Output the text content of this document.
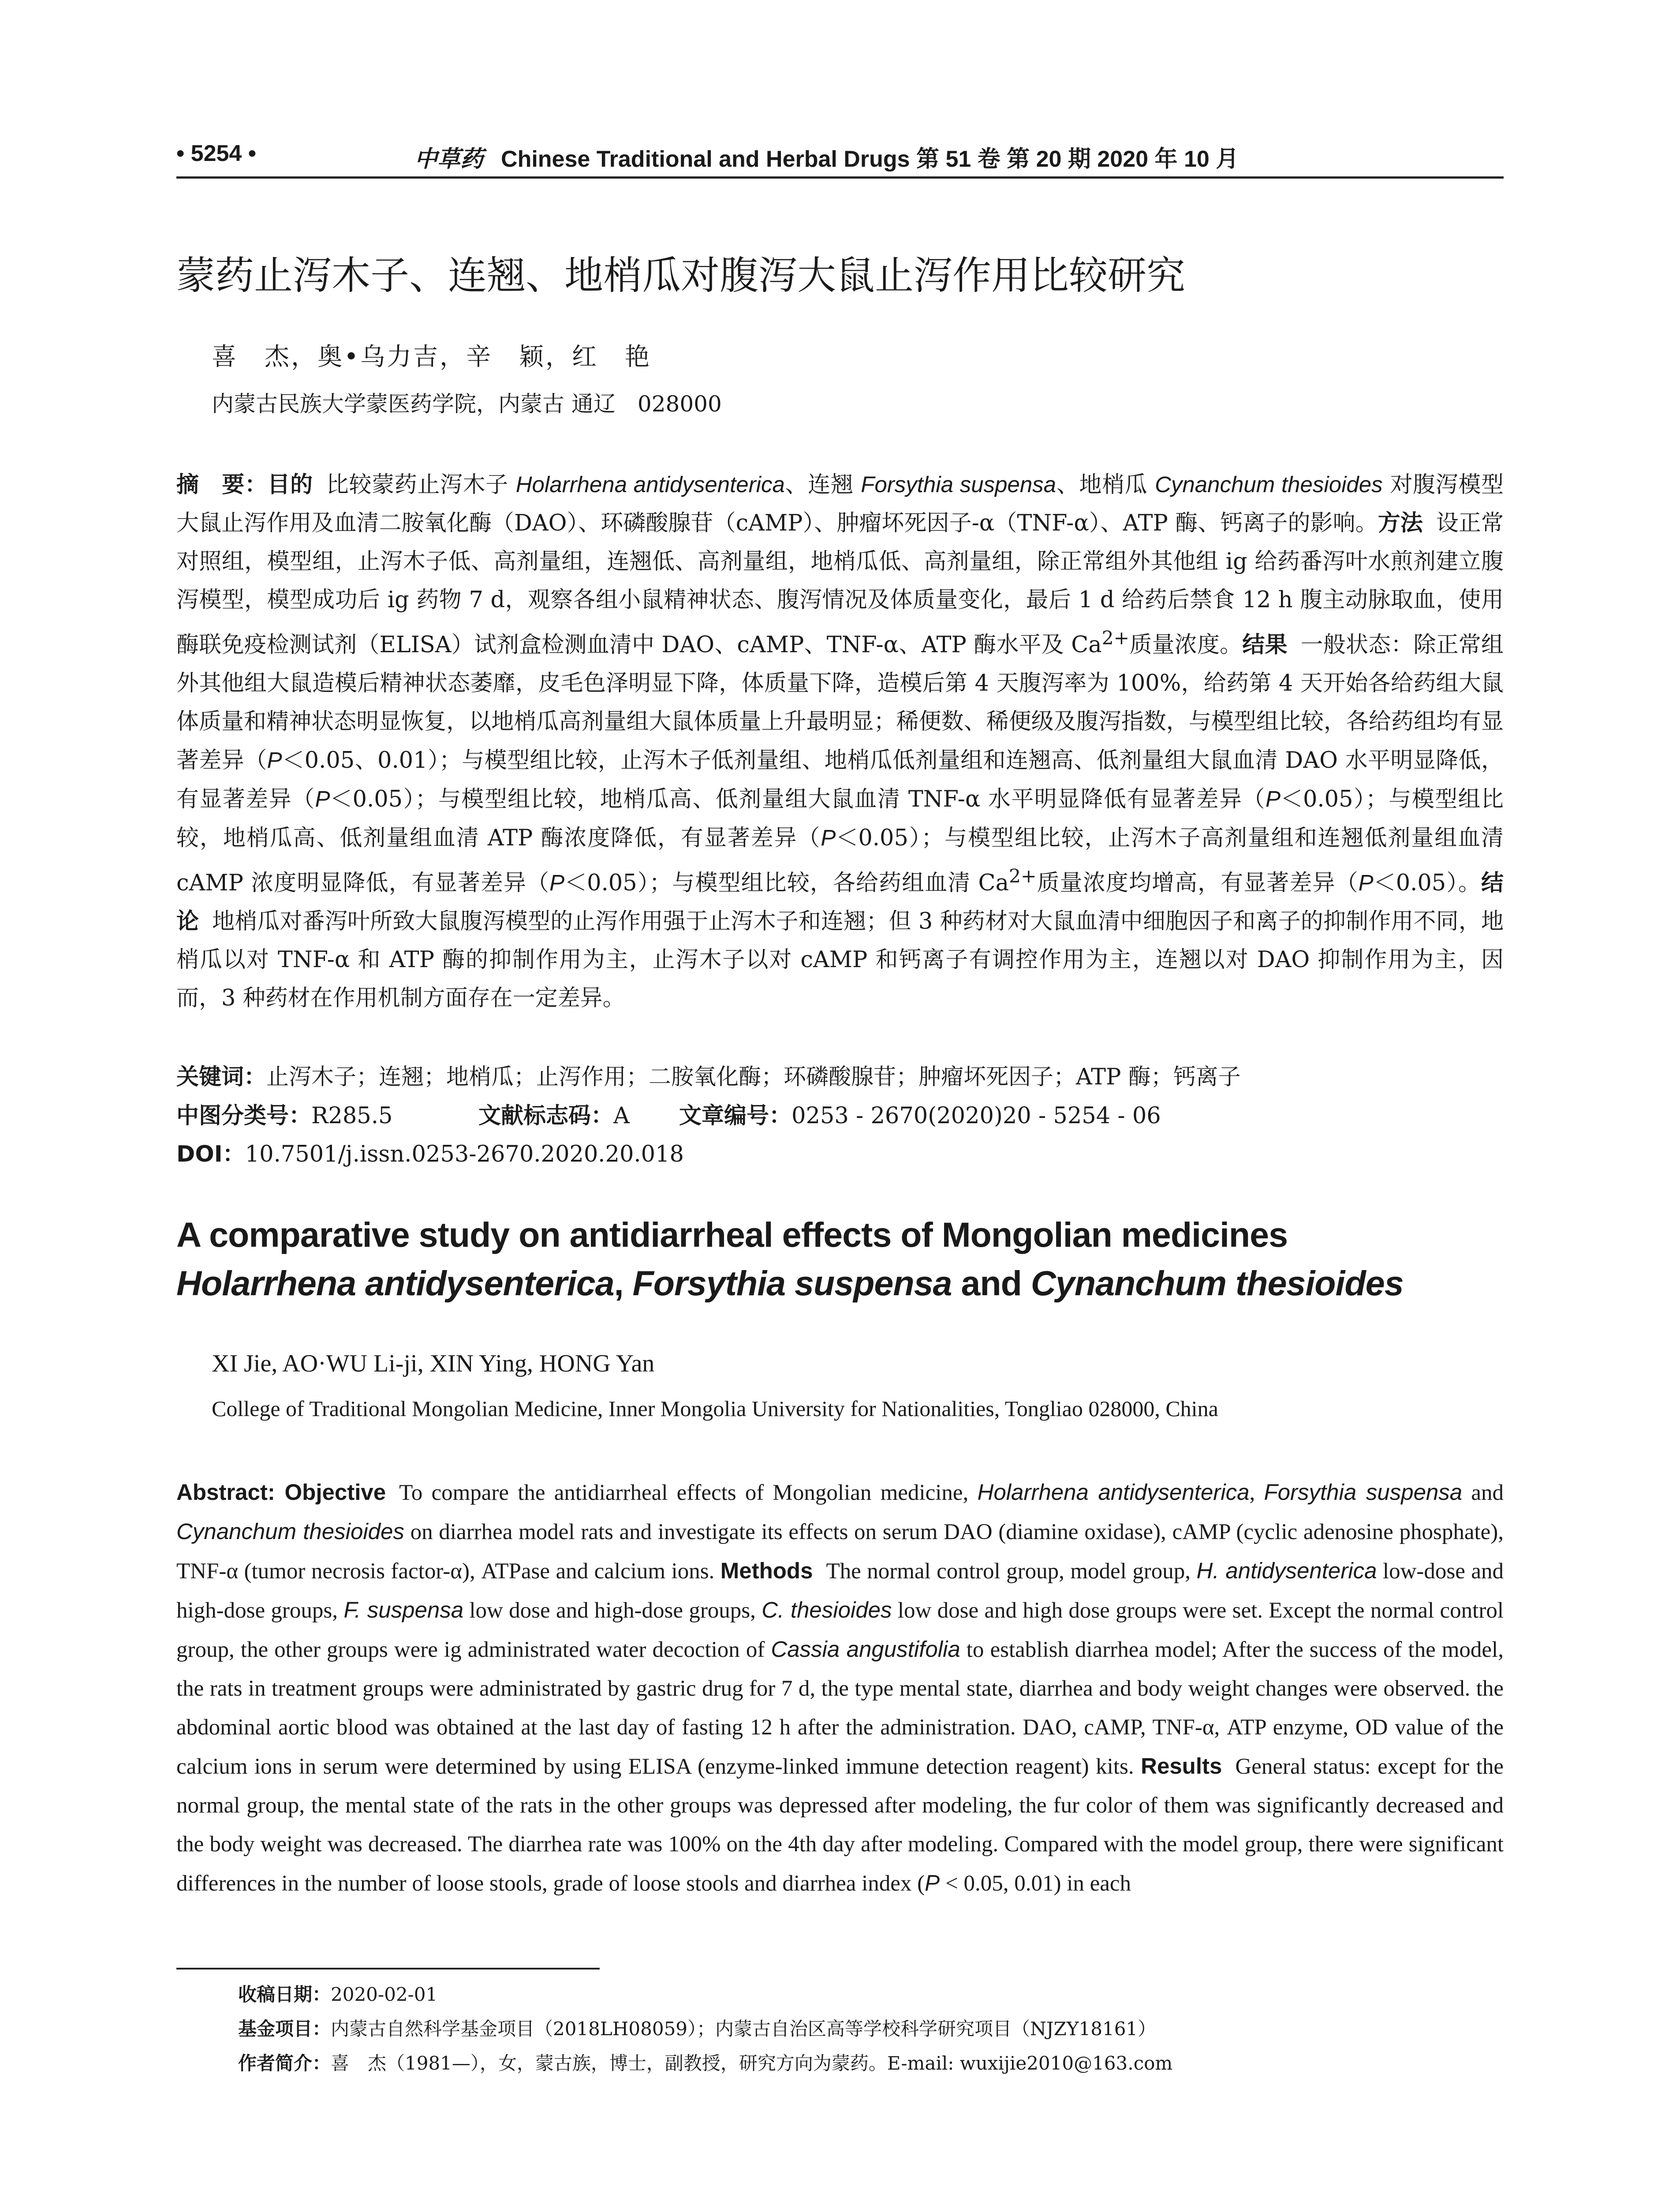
• 5254 •	中草药 Chinese Traditional and Herbal Drugs 第 51 卷 第 20 期 2020 年 10 月
蒙药止泻木子、连翘、地梢瓜对腹泻大鼠止泻作用比较研究
喜　杰，奥•乌力吉，辛　颖，红　艳
内蒙古民族大学蒙医药学院，内蒙古 通辽　028000
摘　要：目的 比较蒙药止泻木子 Holarrhena antidysenterica、连翘 Forsythia suspensa、地梢瓜 Cynanchum thesioides 对腹泻模型大鼠止泻作用及血清二胺氧化酶（DAO）、环磷酸腺苷（cAMP）、肿瘤坏死因子-α（TNF-α）、ATP 酶、钙离子的影响。方法 设正常对照组，模型组，止泻木子低、高剂量组，连翘低、高剂量组，地梢瓜低、高剂量组，除正常组外其他组 ig 给药番泻叶水煎剂建立腹泻模型，模型成功后 ig 药物 7 d，观察各组小鼠精神状态、腹泻情况及体质量变化，最后 1 d 给药后禁食 12 h 腹主动脉取血，使用酶联免疫检测试剂（ELISA）试剂盒检测血清中 DAO、cAMP、TNF-α、ATP 酶水平及 $Ca^{2+}$质量浓度。结果 一般状态：除正常组外其他组大鼠造模后精神状态萎靡，皮毛色泽明显下降，体质量下降，造模后第 4 天腹泻率为 100%，给药第 4 天开始各给药组大鼠体质量和精神状态明显恢复，以地梢瓜高剂量组大鼠体质量上升最明显；稀便数、稀便级及腹泻指数，与模型组比较，各给药组均有显著差异（P＜0.05、0.01）；与模型组比较，止泻木子低剂量组、地梢瓜低剂量组和连翘高、低剂量组大鼠血清 DAO 水平明显降低，有显著差异（P＜0.05）；与模型组比较，地梢瓜高、低剂量组大鼠血清 TNF-α 水平明显降低有显著差异（P＜0.05）；与模型组比较，地梢瓜高、低剂量组血清 ATP 酶浓度降低，有显著差异（P＜0.05）；与模型组比较，止泻木子高剂量组和连翘低剂量组血清 cAMP 浓度明显降低，有显著差异（P＜0.05）；与模型组比较，各给药组血清 $Ca^{2+}$质量浓度均增高，有显著差异（P＜0.05）。结论 地梢瓜对番泻叶所致大鼠腹泻模型的止泻作用强于止泻木子和连翘；但 3 种药材对大鼠血清中细胞因子和离子的抑制作用不同，地梢瓜以对 TNF-α 和 ATP 酶的抑制作用为主，止泻木子以对 cAMP 和钙离子有调控作用为主，连翘以对 DAO 抑制作用为主，因而，3 种药材在作用机制方面存在一定差异。
关键词：止泻木子；连翘；地梢瓜；止泻作用；二胺氧化酶；环磷酸腺苷；肿瘤坏死因子；ATP 酶；钙离子
中图分类号：R285.5	文献标志码：A 文章编号：0253 - 2670(2020)20 - 5254 - 06
DOI：10.7501/j.issn.0253-2670.2020.20.018
A comparative study on antidiarrheal effects of Mongolian medicines
Holarrhena antidysenterica, Forsythia suspensa and Cynanchum thesioides
XI Jie, AO·WU Li-ji, XIN Ying, HONG Yan
College of Traditional Mongolian Medicine, Inner Mongolia University for Nationalities, Tongliao 028000, China
Abstract: Objective To compare the antidiarrheal effects of Mongolian medicine, Holarrhena antidysenterica, Forsythia suspensa and Cynanchum thesioides on diarrhea model rats and investigate its effects on serum DAO (diamine oxidase), cAMP (cyclic adenosine phosphate), TNF-α (tumor necrosis factor-α), ATPase and calcium ions. Methods The normal control group, model group, H. antidysenterica low-dose and high-dose groups, F. suspensa low dose and high-dose groups, C. thesioides low dose and high dose groups were set. Except the normal control group, the other groups were ig administrated water decoction of Cassia angustifolia to establish diarrhea model; After the success of the model, the rats in treatment groups were administrated by gastric drug for 7 d, the type mental state, diarrhea and body weight changes were observed. the abdominal aortic blood was obtained at the last day of fasting 12 h after the administration. DAO, cAMP, TNF-α, ATP enzyme, OD value of the calcium ions in serum were determined by using ELISA (enzyme-linked immune detection reagent) kits. Results General status: except for the normal group, the mental state of the rats in the other groups was depressed after modeling, the fur color of them was significantly decreased and the body weight was decreased. The diarrhea rate was 100% on the 4th day after modeling. Compared with the model group, there were significant differences in the number of loose stools, grade of loose stools and diarrhea index (P < 0.05, 0.01) in each
收稿日期：2020-02-01
基金项目：内蒙古自然科学基金项目（2018LH08059）；内蒙古自治区高等学校科学研究项目（NJZY18161）
作者简介：喜　杰（1981—），女，蒙古族，博士，副教授，研究方向为蒙药。E-mail: wuxijie2010@163.com
